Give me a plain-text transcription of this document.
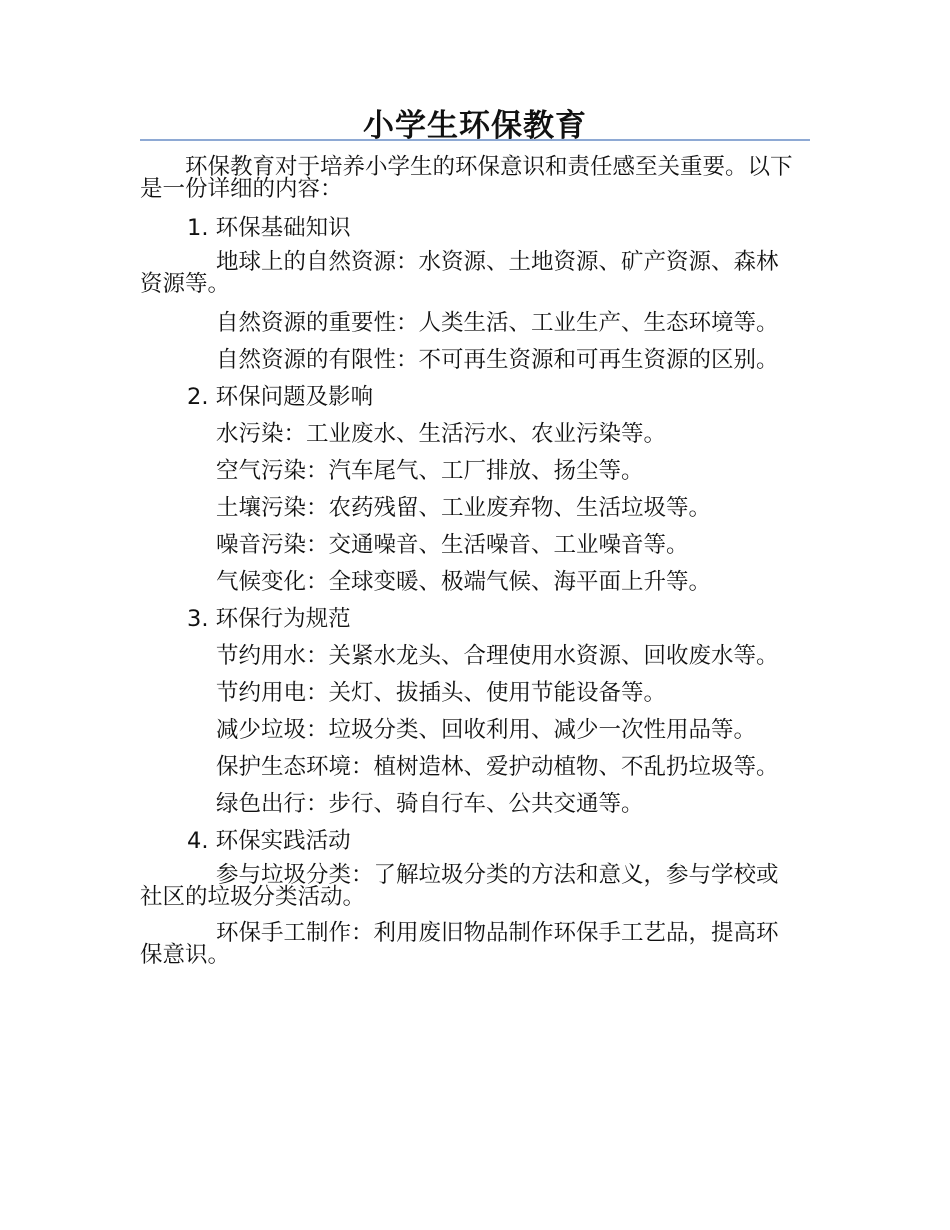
小学生环保教育

环保教育对于培养小学生的环保意识和责任感至关重要。以下是一份详细的内容：

1. 环保基础知识

地球上的自然资源：水资源、土地资源、矿产资源、森林资源等。

自然资源的重要性：人类生活、工业生产、生态环境等。

自然资源的有限性：不可再生资源和可再生资源的区别。

2. 环保问题及影响

水污染：工业废水、生活污水、农业污染等。

空气污染：汽车尾气、工厂排放、扬尘等。

土壤污染：农药残留、工业废弃物、生活垃圾等。

噪音污染：交通噪音、生活噪音、工业噪音等。

气候变化：全球变暖、极端气候、海平面上升等。

3. 环保行为规范

节约用水：关紧水龙头、合理使用水资源、回收废水等。

节约用电：关灯、拔插头、使用节能设备等。

减少垃圾：垃圾分类、回收利用、减少一次性用品等。

保护生态环境：植树造林、爱护动植物、不乱扔垃圾等。

绿色出行：步行、骑自行车、公共交通等。

4. 环保实践活动

参与垃圾分类：了解垃圾分类的方法和意义，参与学校或社区的垃圾分类活动。

环保手工制作：利用废旧物品制作环保手工艺品，提高环保意识。
